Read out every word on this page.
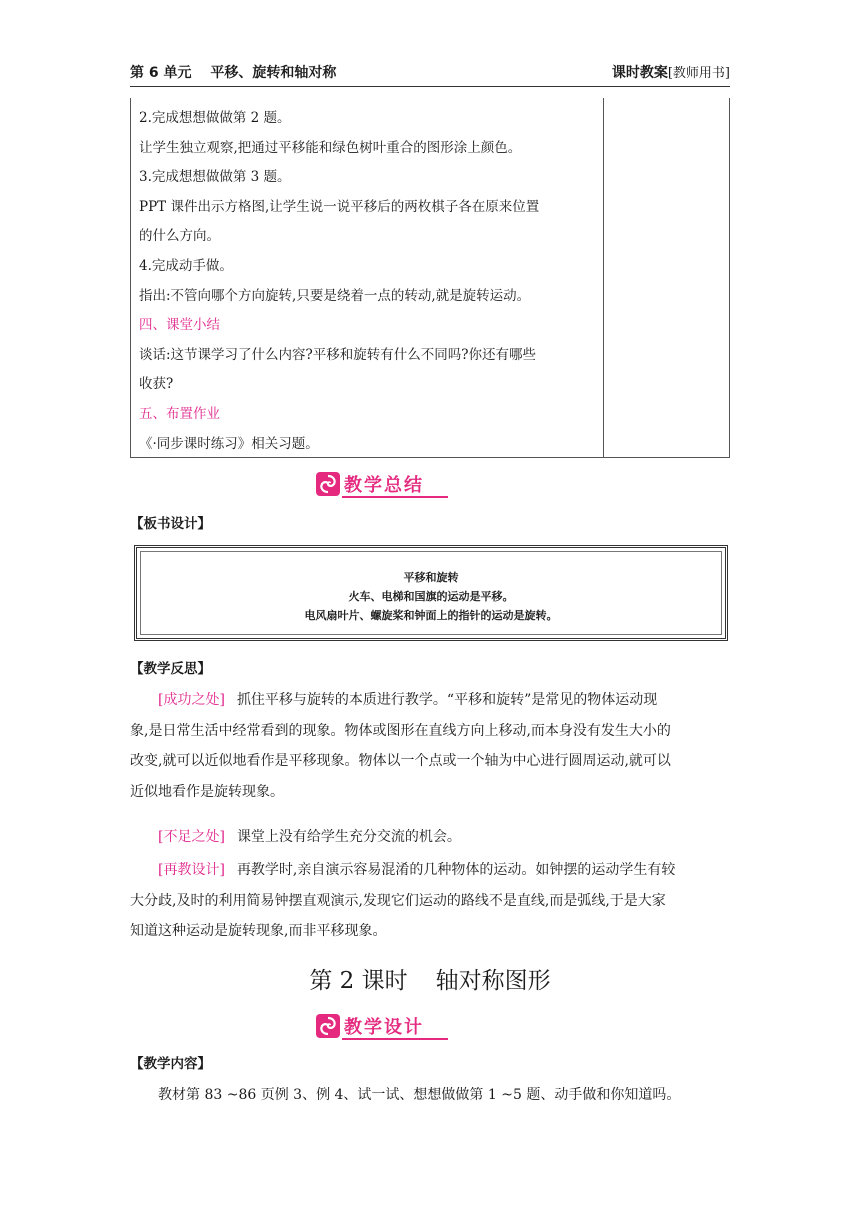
第 6 单元　 平移、旋转和轴对称	课时教案[教师用书]
2.完成想想做做第 2 题。
让学生独立观察,把通过平移能和绿色树叶重合的图形涂上颜色。
3.完成想想做做第 3 题。
PPT 课件出示方格图,让学生说一说平移后的两枚棋子各在原来位置
的什么方向。
4.完成动手做。
指出:不管向哪个方向旋转,只要是绕着一点的转动,就是旋转运动。
四、课堂小结
谈话:这节课学习了什么内容?平移和旋转有什么不同吗?你还有哪些
收获?
五、布置作业
《·同步课时练习》相关习题。
教学总结
【板书设计】
平移和旋转
火车、电梯和国旗的运动是平移。
电风扇叶片、螺旋桨和钟面上的指针的运动是旋转。
【教学反思】
[成功之处] 抓住平移与旋转的本质进行教学。“平移和旋转”是常见的物体运动现
象,是日常生活中经常看到的现象。物体或图形在直线方向上移动,而本身没有发生大小的
改变,就可以近似地看作是平移现象。物体以一个点或一个轴为中心进行圆周运动,就可以
近似地看作是旋转现象。
[不足之处] 课堂上没有给学生充分交流的机会。
[再教设计] 再教学时,亲自演示容易混淆的几种物体的运动。如钟摆的运动学生有较
大分歧,及时的利用简易钟摆直观演示,发现它们运动的路线不是直线,而是弧线,于是大家
知道这种运动是旋转现象,而非平移现象。
第 2 课时 轴对称图形
教学设计
【教学内容】
教材第 83 ~86 页例 3、例 4、试一试、想想做做第 1 ~5 题、动手做和你知道吗。
